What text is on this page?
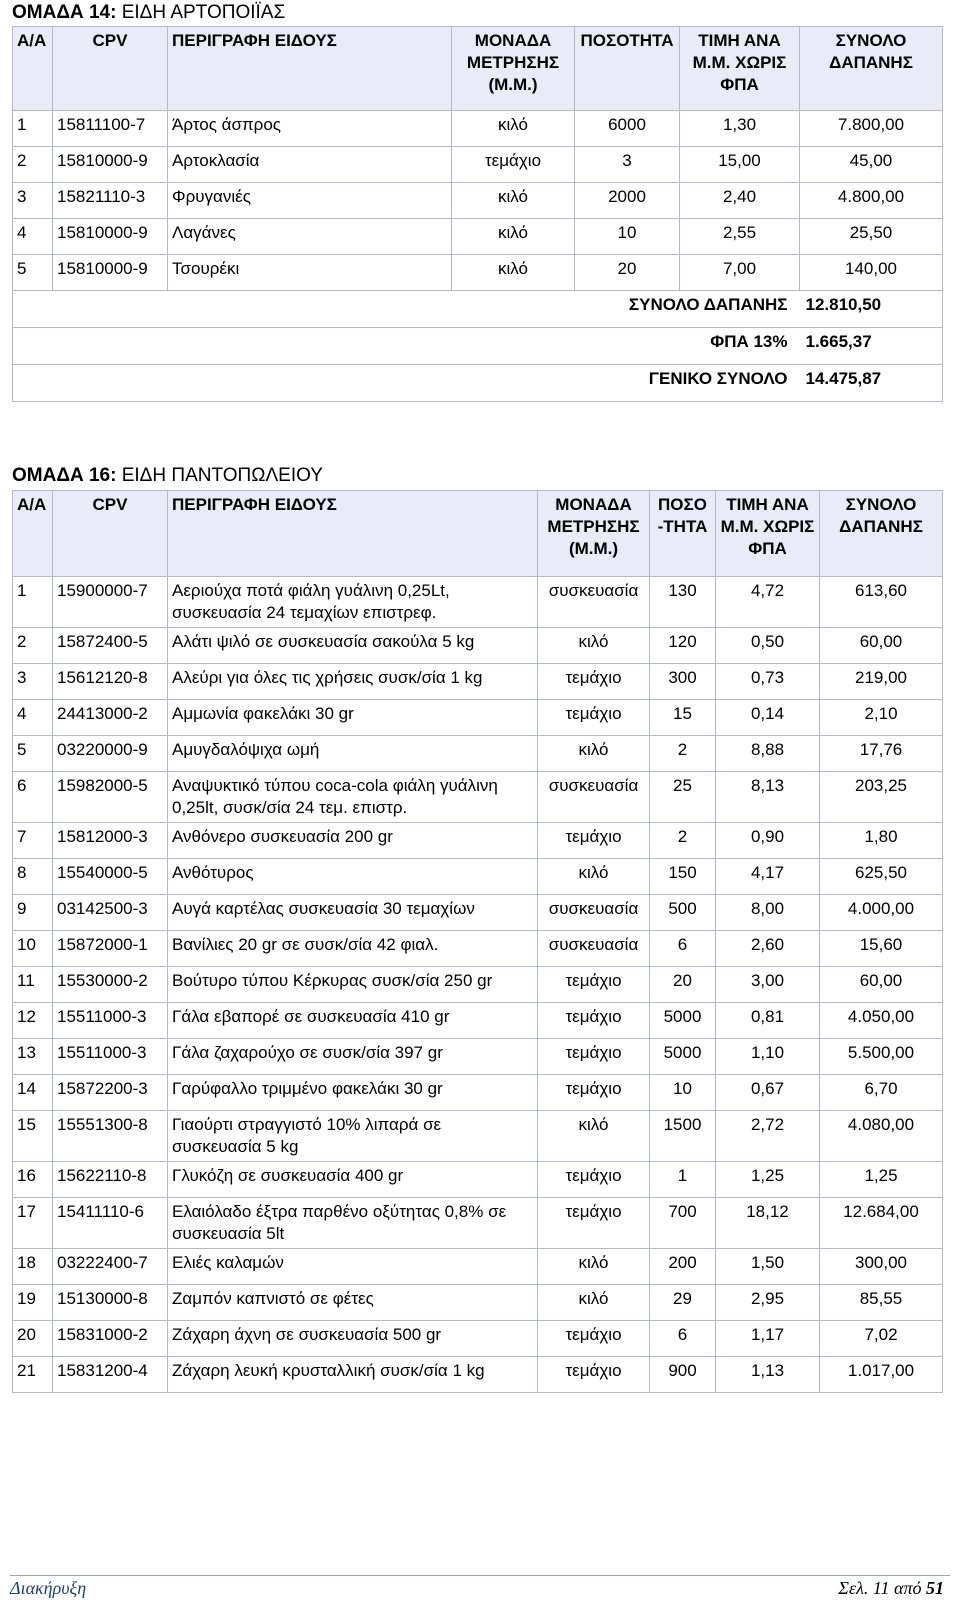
ΟΜΑΔΑ 14: ΕΙΔΗ ΑΡΤΟΠΟΙΪΑΣ
Α/Α	CPV	ΠΕΡΙΓΡΑΦΗ ΕΙΔΟΥΣ	ΜΟΝΑΔΑ ΜΕΤΡΗΣΗΣ (Μ.Μ.)	ΠΟΣΟΤΗΤΑ	ΤΙΜΗ ΑΝΑ Μ.Μ. ΧΩΡΙΣ ΦΠΑ	ΣΥΝΟΛΟ ΔΑΠΑΝΗΣ
1	15811100-7	Άρτος άσπρος	κιλό	6000	1,30	7.800,00
2	15810000-9	Αρτοκλασία	τεμάχιο	3	15,00	45,00
3	15821110-3	Φρυγανιές	κιλό	2000	2,40	4.800,00
4	15810000-9	Λαγάνες	κιλό	10	2,55	25,50
5	15810000-9	Τσουρέκι	κιλό	20	7,00	140,00
ΣΥΝΟΛΟ ΔΑΠΑΝΗΣ						12.810,50
ΦΠΑ 13%						1.665,37
ΓΕΝΙΚΟ ΣΥΝΟΛΟ						14.475,87
ΟΜΑΔΑ 16: ΕΙΔΗ ΠΑΝΤΟΠΩΛΕΙΟΥ
Α/Α	CPV	ΠΕΡΙΓΡΑΦΗ ΕΙΔΟΥΣ	ΜΟΝΑΔΑ ΜΕΤΡΗΣΗΣ (Μ.Μ.)	ΠΟΣΟ -ΤΗΤΑ	ΤΙΜΗ ΑΝΑ Μ.Μ. ΧΩΡΙΣ ΦΠΑ	ΣΥΝΟΛΟ ΔΑΠΑΝΗΣ
1	15900000-7	Αεριούχα ποτά φιάλη γυάλινη 0,25Lt, συσκευασία 24 τεμαχίων επιστρεφ.	συσκευασία	130	4,72	613,60
2	15872400-5	Αλάτι ψιλό σε συσκευασία σακούλα 5 kg	κιλό	120	0,50	60,00
3	15612120-8	Αλεύρι για όλες τις χρήσεις συσκ/σία 1 kg	τεμάχιο	300	0,73	219,00
4	24413000-2	Αμμωνία φακελάκι 30 gr	τεμάχιο	15	0,14	2,10
5	03220000-9	Αμυγδαλόψιχα ωμή	κιλό	2	8,88	17,76
6	15982000-5	Αναψυκτικό τύπου coca-cola φιάλη γυάλινη 0,25lt, συσκ/σία 24 τεμ. επιστρ.	συσκευασία	25	8,13	203,25
7	15812000-3	Ανθόνερο συσκευασία 200 gr	τεμάχιο	2	0,90	1,80
8	15540000-5	Ανθότυρος	κιλό	150	4,17	625,50
9	03142500-3	Αυγά καρτέλας συσκευασία 30 τεμαχίων	συσκευασία	500	8,00	4.000,00
10	15872000-1	Βανίλιες 20 gr σε συσκ/σία 42 φιαλ.	συσκευασία	6	2,60	15,60
11	15530000-2	Βούτυρο τύπου Κέρκυρας συσκ/σία 250 gr	τεμάχιο	20	3,00	60,00
12	15511000-3	Γάλα εβαπορέ σε συσκευασία 410 gr	τεμάχιο	5000	0,81	4.050,00
13	15511000-3	Γάλα ζαχαρούχο σε συσκ/σία 397 gr	τεμάχιο	5000	1,10	5.500,00
14	15872200-3	Γαρύφαλλο τριμμένο φακελάκι 30 gr	τεμάχιο	10	0,67	6,70
15	15551300-8	Γιαούρτι στραγγιστό 10% λιπαρά σε συσκευασία 5 kg	κιλό	1500	2,72	4.080,00
16	15622110-8	Γλυκόζη σε συσκευασία 400 gr	τεμάχιο	1	1,25	1,25
17	15411110-6	Ελαιόλαδο έξτρα παρθένο οξύτητας 0,8% σε συσκευασία 5lt	τεμάχιο	700	18,12	12.684,00
18	03222400-7	Ελιές καλαμών	κιλό	200	1,50	300,00
19	15130000-8	Ζαμπόν καπνιστό σε φέτες	κιλό	29	2,95	85,55
20	15831000-2	Ζάχαρη άχνη σε συσκευασία 500 gr	τεμάχιο	6	1,17	7,02
21	15831200-4	Ζάχαρη λευκή κρυσταλλική συσκ/σία 1 kg	τεμάχιο	900	1,13	1.017,00
Διακήρυξη	Σελ. 11 από 51
